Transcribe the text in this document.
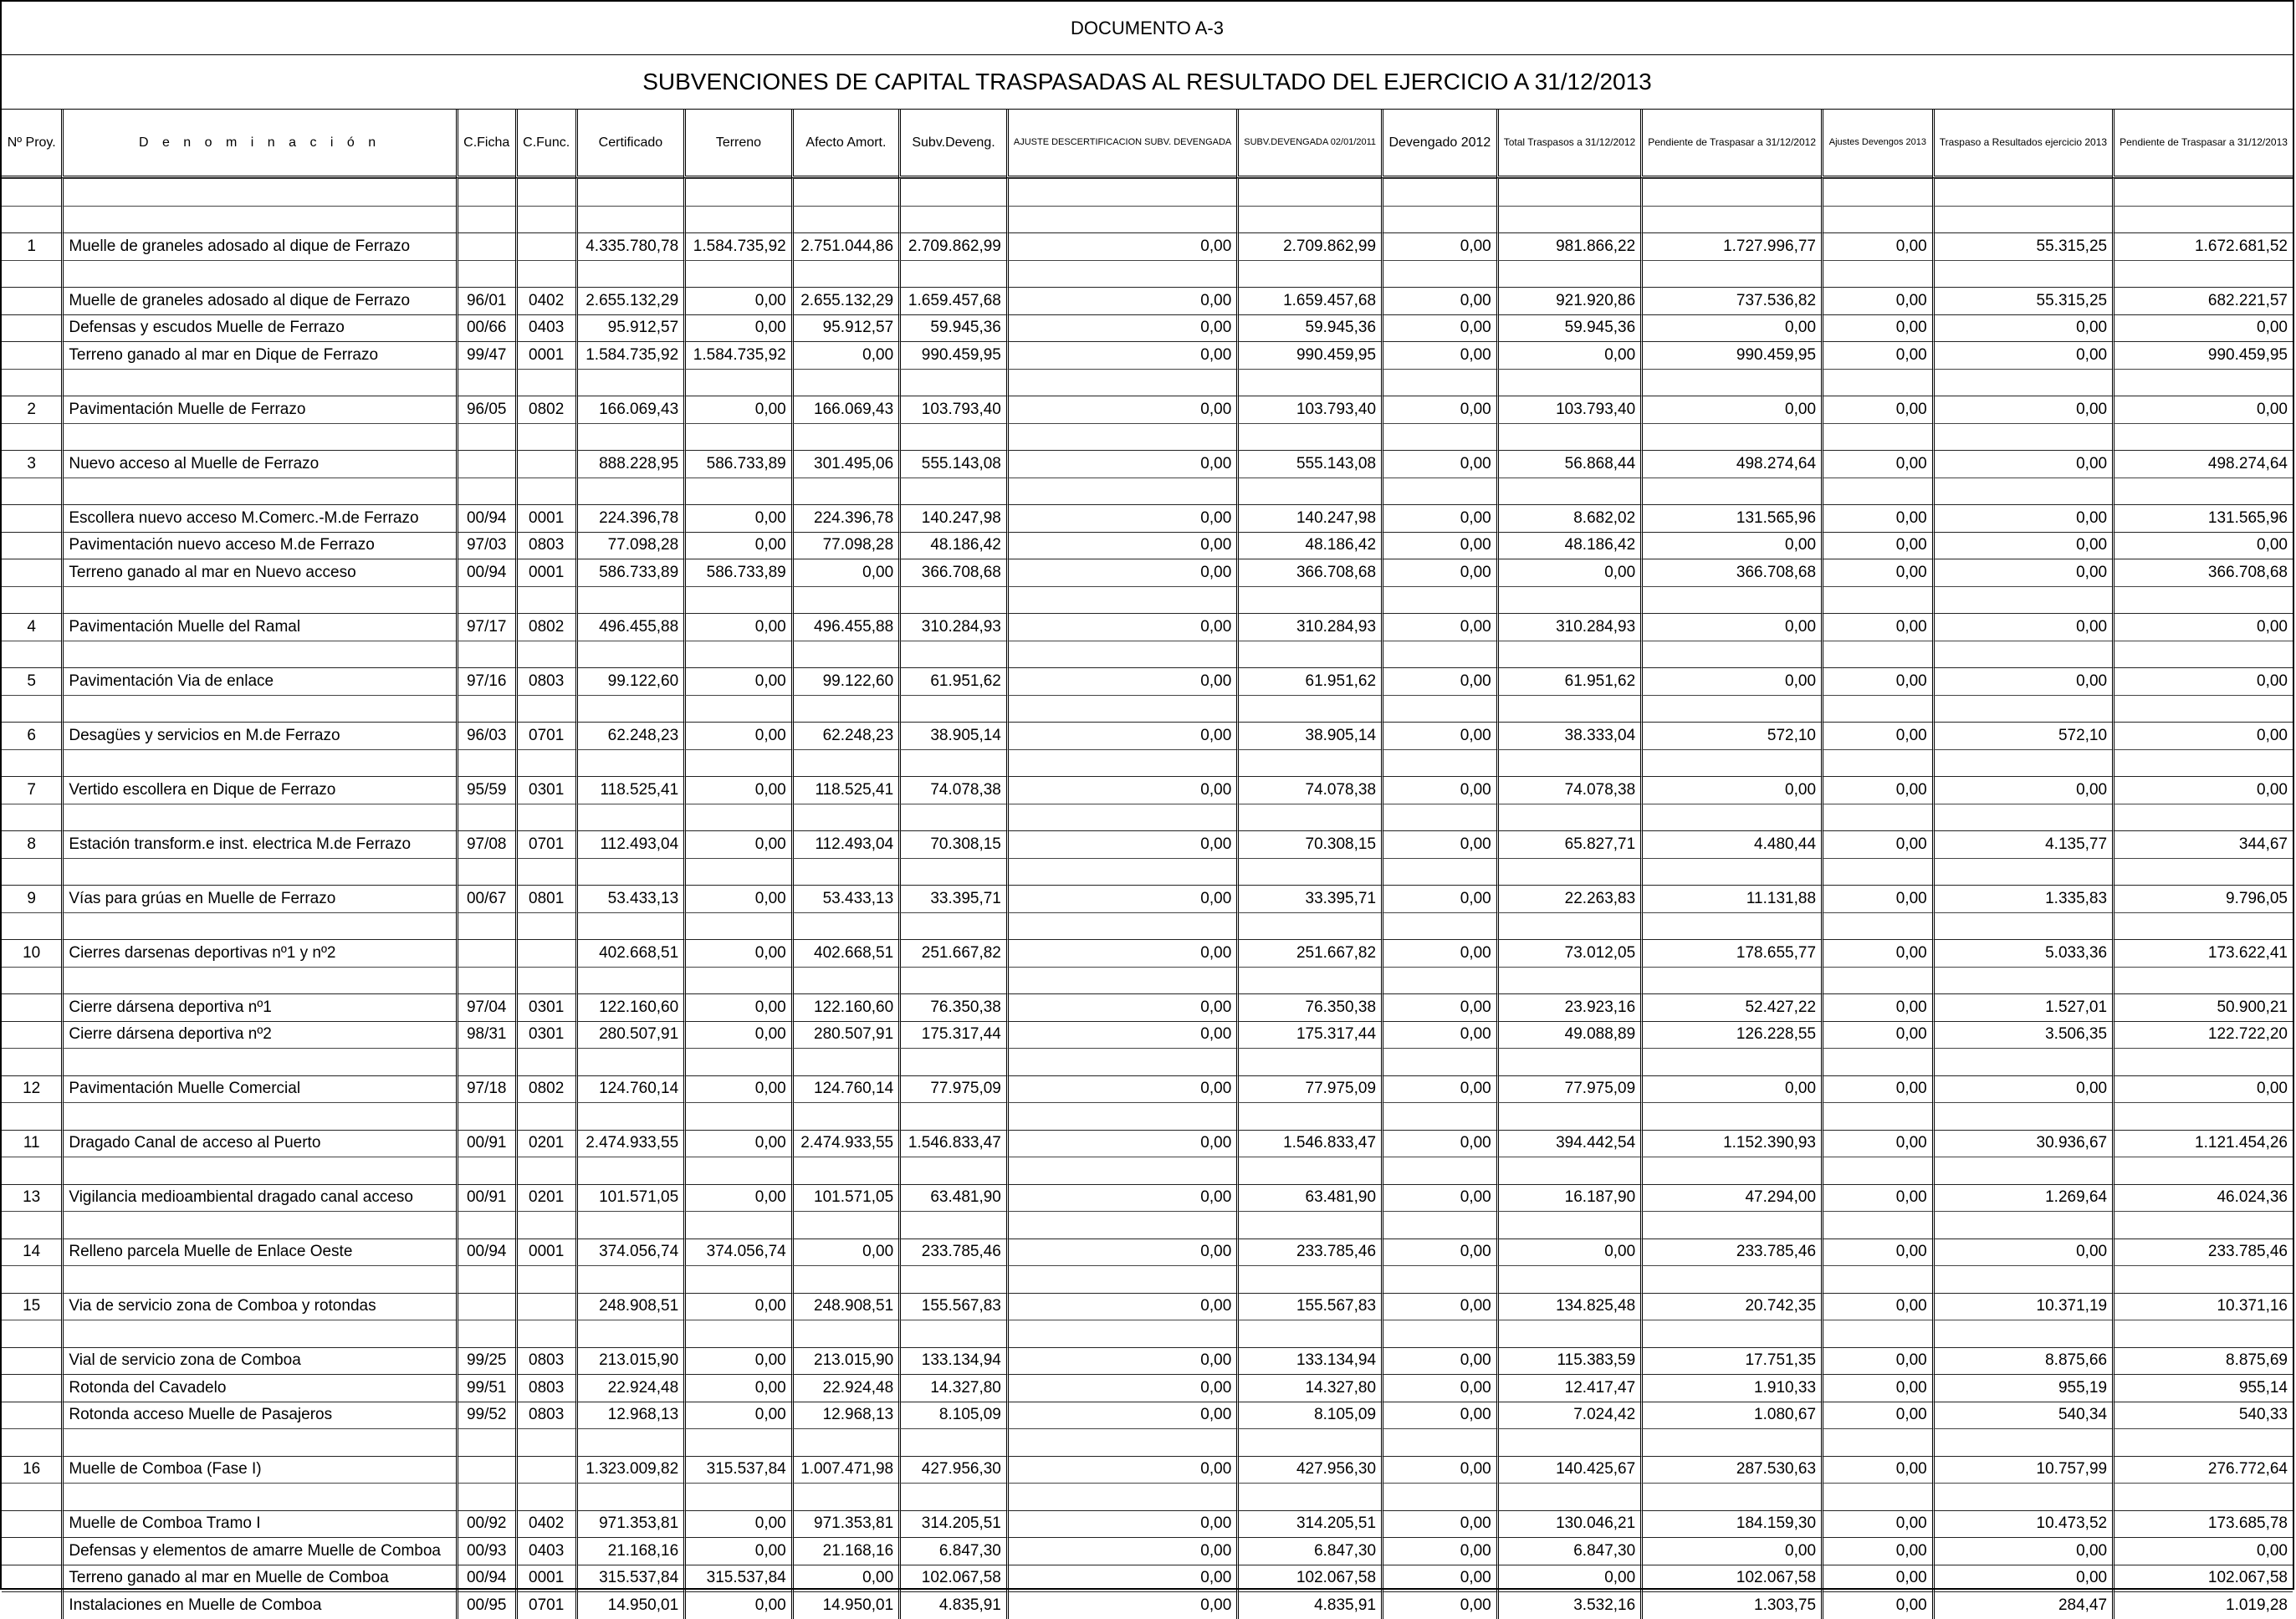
DOCUMENTO A-3
SUBVENCIONES DE CAPITAL TRASPASADAS AL RESULTADO DEL EJERCICIO A 31/12/2013
Nº Proy.	D e n o m i n a c i ó n	C.Ficha	C.Func.	Certificado	Terreno	Afecto Amort.	Subv.Deveng.	AJUSTE DESCERTIFICACION SUBV. DEVENGADA	SUBV.DEVENGADA 02/01/2011	Devengado 2012	Total Traspasos a 31/12/2012	Pendiente de Traspasar a 31/12/2012	Ajustes Devengos 2013	Traspaso a Resultados ejercicio 2013	Pendiente de Traspasar a 31/12/2013

1	Muelle de graneles adosado al dique de Ferrazo			4.335.780,78	1.584.735,92	2.751.044,86	2.709.862,99	0,00	2.709.862,99	0,00	981.866,22	1.727.996,77	0,00	55.315,25	1.672.681,52

	Muelle de graneles adosado al dique de Ferrazo	96/01	0402	2.655.132,29	0,00	2.655.132,29	1.659.457,68	0,00	1.659.457,68	0,00	921.920,86	737.536,82	0,00	55.315,25	682.221,57
	Defensas y escudos Muelle de Ferrazo	00/66	0403	95.912,57	0,00	95.912,57	59.945,36	0,00	59.945,36	0,00	59.945,36	0,00	0,00	0,00	0,00
	Terreno ganado al mar en Dique de Ferrazo	99/47	0001	1.584.735,92	1.584.735,92	0,00	990.459,95	0,00	990.459,95	0,00	0,00	990.459,95	0,00	0,00	990.459,95

2	Pavimentación Muelle de Ferrazo	96/05	0802	166.069,43	0,00	166.069,43	103.793,40	0,00	103.793,40	0,00	103.793,40	0,00	0,00	0,00	0,00

3	Nuevo acceso al Muelle de Ferrazo			888.228,95	586.733,89	301.495,06	555.143,08	0,00	555.143,08	0,00	56.868,44	498.274,64	0,00	0,00	498.274,64

	Escollera nuevo acceso M.Comerc.-M.de Ferrazo	00/94	0001	224.396,78	0,00	224.396,78	140.247,98	0,00	140.247,98	0,00	8.682,02	131.565,96	0,00	0,00	131.565,96
	Pavimentación nuevo acceso M.de Ferrazo	97/03	0803	77.098,28	0,00	77.098,28	48.186,42	0,00	48.186,42	0,00	48.186,42	0,00	0,00	0,00	0,00
	Terreno ganado al mar en Nuevo acceso	00/94	0001	586.733,89	586.733,89	0,00	366.708,68	0,00	366.708,68	0,00	0,00	366.708,68	0,00	0,00	366.708,68

4	Pavimentación Muelle del Ramal	97/17	0802	496.455,88	0,00	496.455,88	310.284,93	0,00	310.284,93	0,00	310.284,93	0,00	0,00	0,00	0,00

5	Pavimentación Via de enlace	97/16	0803	99.122,60	0,00	99.122,60	61.951,62	0,00	61.951,62	0,00	61.951,62	0,00	0,00	0,00	0,00

6	Desagües y servicios en M.de Ferrazo	96/03	0701	62.248,23	0,00	62.248,23	38.905,14	0,00	38.905,14	0,00	38.333,04	572,10	0,00	572,10	0,00

7	Vertido escollera en Dique de Ferrazo	95/59	0301	118.525,41	0,00	118.525,41	74.078,38	0,00	74.078,38	0,00	74.078,38	0,00	0,00	0,00	0,00

8	Estación transform.e inst. electrica M.de Ferrazo	97/08	0701	112.493,04	0,00	112.493,04	70.308,15	0,00	70.308,15	0,00	65.827,71	4.480,44	0,00	4.135,77	344,67

9	Vías para grúas en Muelle de Ferrazo	00/67	0801	53.433,13	0,00	53.433,13	33.395,71	0,00	33.395,71	0,00	22.263,83	11.131,88	0,00	1.335,83	9.796,05

10	Cierres darsenas deportivas nº1 y nº2			402.668,51	0,00	402.668,51	251.667,82	0,00	251.667,82	0,00	73.012,05	178.655,77	0,00	5.033,36	173.622,41

	Cierre dársena deportiva nº1	97/04	0301	122.160,60	0,00	122.160,60	76.350,38	0,00	76.350,38	0,00	23.923,16	52.427,22	0,00	1.527,01	50.900,21
	Cierre dársena deportiva nº2	98/31	0301	280.507,91	0,00	280.507,91	175.317,44	0,00	175.317,44	0,00	49.088,89	126.228,55	0,00	3.506,35	122.722,20

12	Pavimentación Muelle Comercial	97/18	0802	124.760,14	0,00	124.760,14	77.975,09	0,00	77.975,09	0,00	77.975,09	0,00	0,00	0,00	0,00

11	Dragado Canal de acceso al Puerto	00/91	0201	2.474.933,55	0,00	2.474.933,55	1.546.833,47	0,00	1.546.833,47	0,00	394.442,54	1.152.390,93	0,00	30.936,67	1.121.454,26

13	Vigilancia medioambiental dragado canal acceso	00/91	0201	101.571,05	0,00	101.571,05	63.481,90	0,00	63.481,90	0,00	16.187,90	47.294,00	0,00	1.269,64	46.024,36

14	Relleno parcela Muelle de Enlace Oeste	00/94	0001	374.056,74	374.056,74	0,00	233.785,46	0,00	233.785,46	0,00	0,00	233.785,46	0,00	0,00	233.785,46

15	Via de servicio zona de Comboa y rotondas			248.908,51	0,00	248.908,51	155.567,83	0,00	155.567,83	0,00	134.825,48	20.742,35	0,00	10.371,19	10.371,16

	Vial de servicio zona de Comboa	99/25	0803	213.015,90	0,00	213.015,90	133.134,94	0,00	133.134,94	0,00	115.383,59	17.751,35	0,00	8.875,66	8.875,69
	Rotonda del Cavadelo	99/51	0803	22.924,48	0,00	22.924,48	14.327,80	0,00	14.327,80	0,00	12.417,47	1.910,33	0,00	955,19	955,14
	Rotonda acceso Muelle de Pasajeros	99/52	0803	12.968,13	0,00	12.968,13	8.105,09	0,00	8.105,09	0,00	7.024,42	1.080,67	0,00	540,34	540,33

16	Muelle de Comboa (Fase I)			1.323.009,82	315.537,84	1.007.471,98	427.956,30	0,00	427.956,30	0,00	140.425,67	287.530,63	0,00	10.757,99	276.772,64

	Muelle de Comboa Tramo I	00/92	0402	971.353,81	0,00	971.353,81	314.205,51	0,00	314.205,51	0,00	130.046,21	184.159,30	0,00	10.473,52	173.685,78
	Defensas y elementos de amarre Muelle de Comboa	00/93	0403	21.168,16	0,00	21.168,16	6.847,30	0,00	6.847,30	0,00	6.847,30	0,00	0,00	0,00	0,00
	Terreno ganado al mar en Muelle de Comboa	00/94	0001	315.537,84	315.537,84	0,00	102.067,58	0,00	102.067,58	0,00	0,00	102.067,58	0,00	0,00	102.067,58
	Instalaciones en Muelle de Comboa	00/95	0701	14.950,01	0,00	14.950,01	4.835,91	0,00	4.835,91	0,00	3.532,16	1.303,75	0,00	284,47	1.019,28
